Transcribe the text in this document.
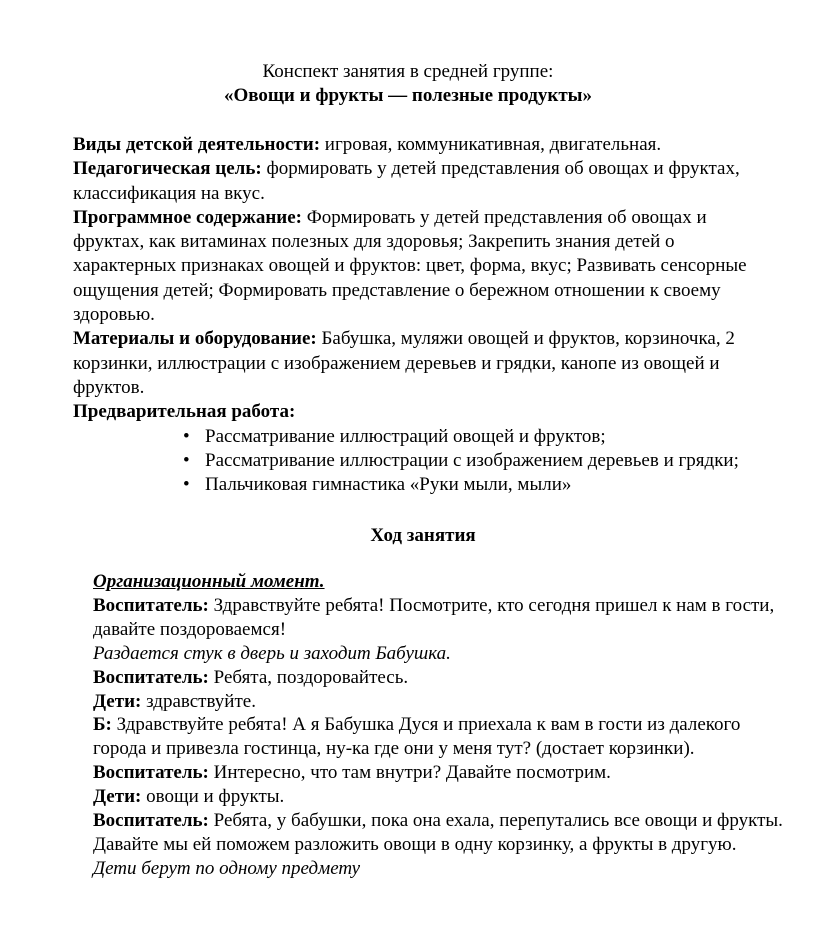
Конспект занятия в средней группе:
«Овощи и фрукты — полезные продукты»

Виды детской деятельности: игровая, коммуникативная, двигательная.

Педагогическая цель: формировать у детей представления об овощах и фруктах, классификация на вкус.

Программное содержание: Формировать у детей представления об овощах и фруктах, как витаминах полезных для здоровья; Закрепить знания детей о характерных признаках овощей и фруктов: цвет, форма, вкус; Развивать сенсорные ощущения детей; Формировать представление о бережном отношении к своему здоровью.

Материалы и оборудование: Бабушка, муляжи овощей и фруктов, корзиночка, 2 корзинки, иллюстрации с изображением деревьев и грядки, канопе из овощей и фруктов.

Предварительная работа:

• Рассматривание иллюстраций овощей и фруктов;
• Рассматривание иллюстрации с изображением деревьев и грядки;
• Пальчиковая гимнастика «Руки мыли, мыли»
Ход занятия

Организационный момент.

Воспитатель: Здравствуйте ребята! Посмотрите, кто сегодня пришел к нам в гости, давайте поздороваемся!

Раздается стук в дверь и заходит Бабушка.

Воспитатель: Ребята, поздоровайтесь.

Дети: здравствуйте.

Б: Здравствуйте ребята! А я Бабушка Дуся и приехала к вам в гости из далекого города и привезла гостинца, ну-ка где они у меня тут? (достает корзинки).

Воспитатель: Интересно, что там внутри? Давайте посмотрим.

Дети: овощи и фрукты.

Воспитатель: Ребята, у бабушки, пока она ехала, перепутались все овощи и фрукты. Давайте мы ей поможем разложить овощи в одну корзинку, а фрукты в другую.

Дети берут по одному предмету
